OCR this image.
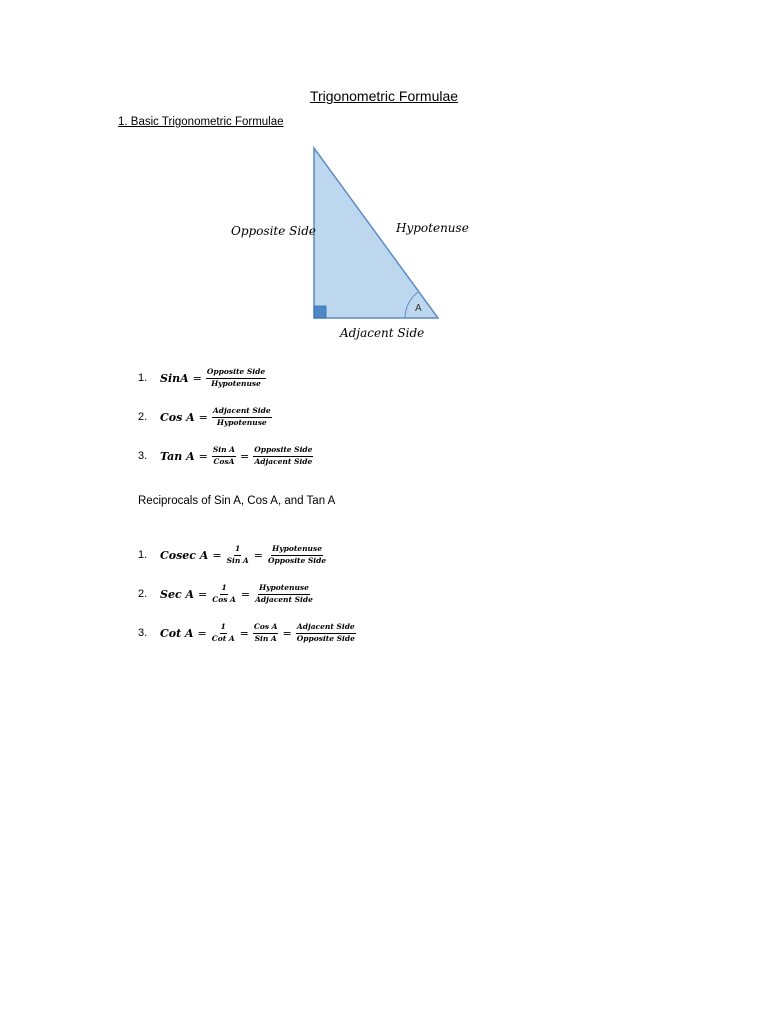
Trigonometric Formulae
1. Basic Trigonometric Formulae
Opposite Side	Hypotenuse
Adjacent Side
A
1.	SinA = $\frac{\text{Opposite Side}}{\text{Hypotenuse}}$
2.	Cos $A = \frac{\text{Adjacent Side}}{\text{Hypotenuse}}$
3.	Tan $A = \frac{\text{Sin A}}{\text{CosA}} = \frac{\text{Opposite Side}}{\text{Adjacent Side}}$
Reciprocals of Sin A, Cos A, and Tan A
1.	Cosec $A = \frac{1}{\text{Sin A}} = \frac{\text{Hypotenuse}}{\text{Opposite Side}}$
2.	Sec $A = \frac{1}{\text{Cos A}} = \frac{\text{Hypotenuse}}{\text{Adjacent Side}}$
3.	Cot $A = \frac{1}{\text{Cot A}} = \frac{\text{Cos A}}{\text{Sin A}} = \frac{\text{Adjacent Side}}{\text{Opposite Side}}$
